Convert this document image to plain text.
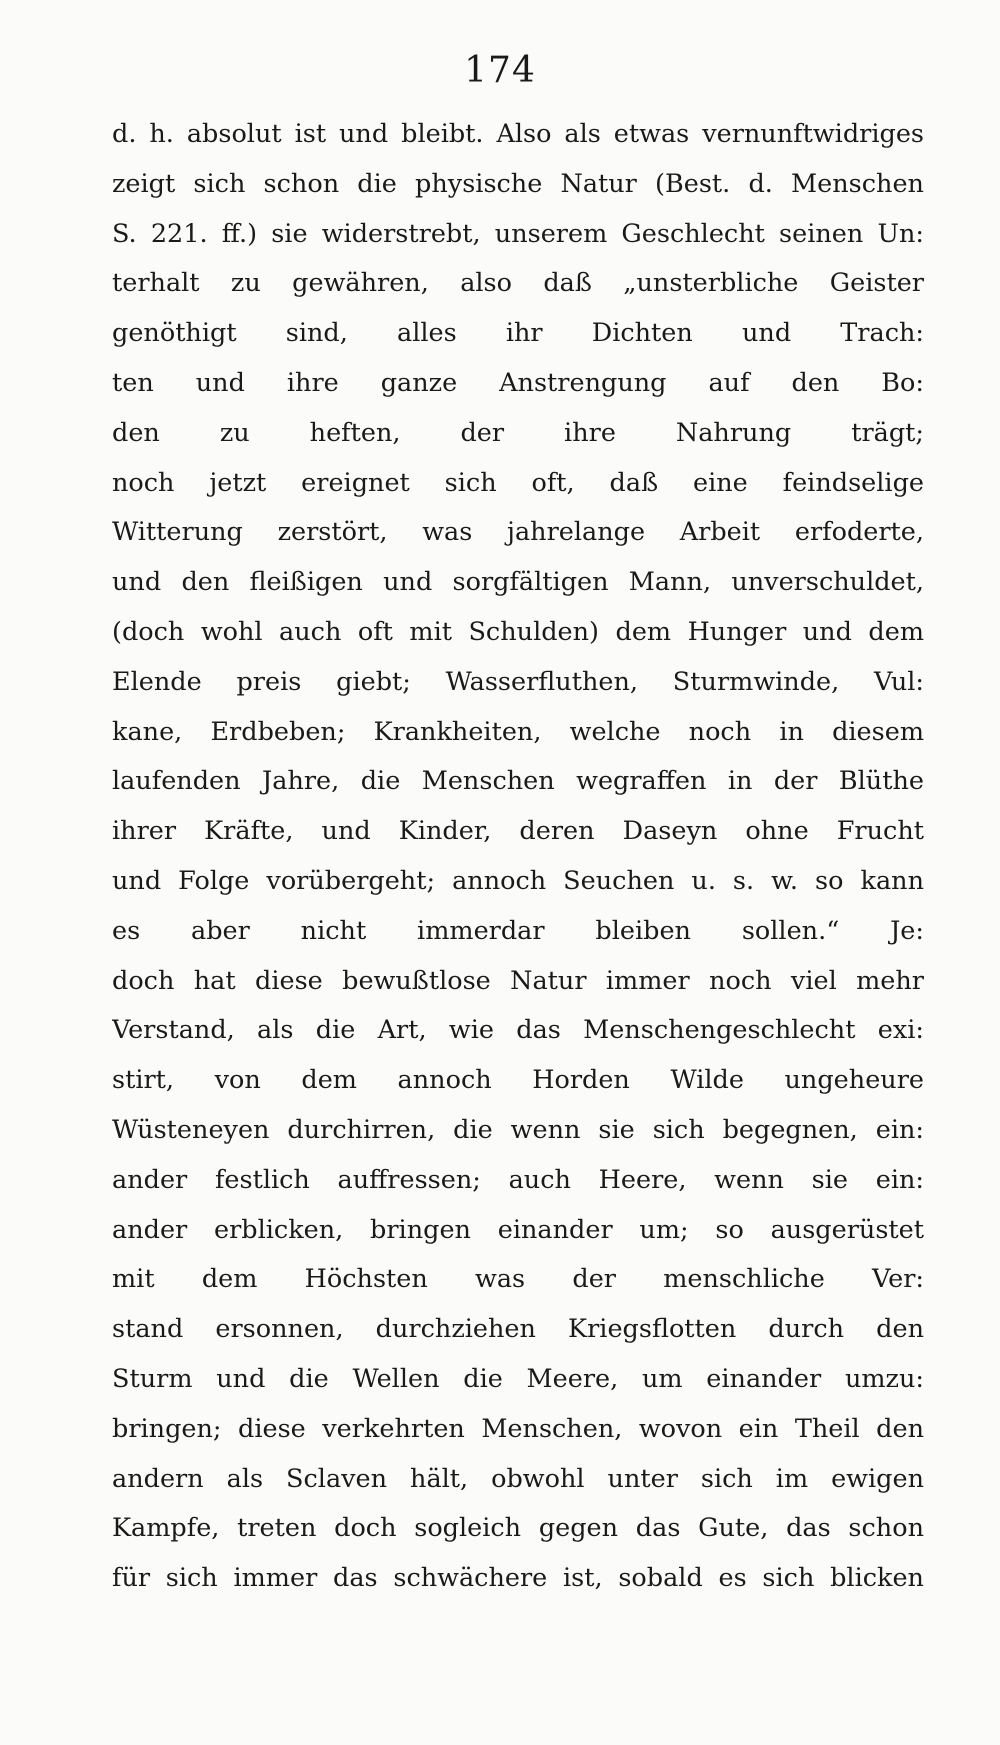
174
d. h. absolut ist und bleibt. Also als etwas vernunftwidriges
zeigt sich schon die physische Natur (Best. d. Menschen
S. 221. ff.) sie widerstrebt, unserem Geschlecht seinen Un:
terhalt zu gewähren, also daß „unsterbliche Geister
genöthigt sind, alles ihr Dichten und Trach:
ten und ihre ganze Anstrengung auf den Bo:
den zu heften, der ihre Nahrung trägt;
noch jetzt ereignet sich oft, daß eine feindselige
Witterung zerstört, was jahrelange Arbeit erfoderte,
und den fleißigen und sorgfältigen Mann, unverschuldet,
(doch wohl auch oft mit Schulden) dem Hunger und dem
Elende preis giebt; Wasserfluthen, Sturmwinde, Vul:
kane, Erdbeben; Krankheiten, welche noch in diesem
laufenden Jahre, die Menschen wegraffen in der Blüthe
ihrer Kräfte, und Kinder, deren Daseyn ohne Frucht
und Folge vorübergeht; annoch Seuchen u. s. w. so kann
es aber nicht immerdar bleiben sollen.“ Je:
doch hat diese bewußtlose Natur immer noch viel mehr
Verstand, als die Art, wie das Menschengeschlecht exi:
stirt, von dem annoch Horden Wilde ungeheure
Wüsteneyen durchirren, die wenn sie sich begegnen, ein:
ander festlich auffressen; auch Heere, wenn sie ein:
ander erblicken, bringen einander um; so ausgerüstet
mit dem Höchsten was der menschliche Ver:
stand ersonnen, durchziehen Kriegsflotten durch den
Sturm und die Wellen die Meere, um einander umzu:
bringen; diese verkehrten Menschen, wovon ein Theil den
andern als Sclaven hält, obwohl unter sich im ewigen
Kampfe, treten doch sogleich gegen das Gute, das schon
für sich immer das schwächere ist, sobald es sich blicken
